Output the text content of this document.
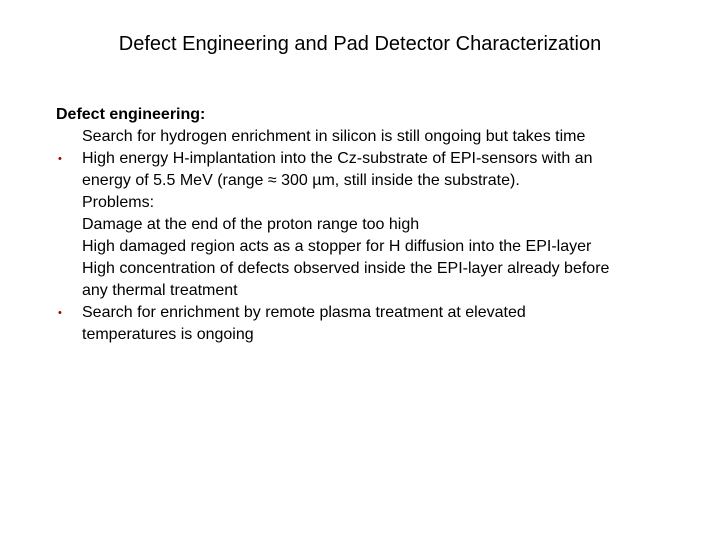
Defect Engineering and Pad Detector Characterization
Defect engineering:
Search for hydrogen enrichment in silicon is still ongoing but takes time
• High energy H-implantation into the Cz-substrate of EPI-sensors with an
energy of 5.5 MeV (range ≈ 300 µm, still inside the substrate).
Problems:
Damage at the end of the proton range too high
High damaged region acts as a stopper for H diffusion into the EPI-layer
High concentration of defects observed inside the EPI-layer already before
any thermal treatment
• Search for enrichment by remote plasma treatment at elevated
temperatures is ongoing
